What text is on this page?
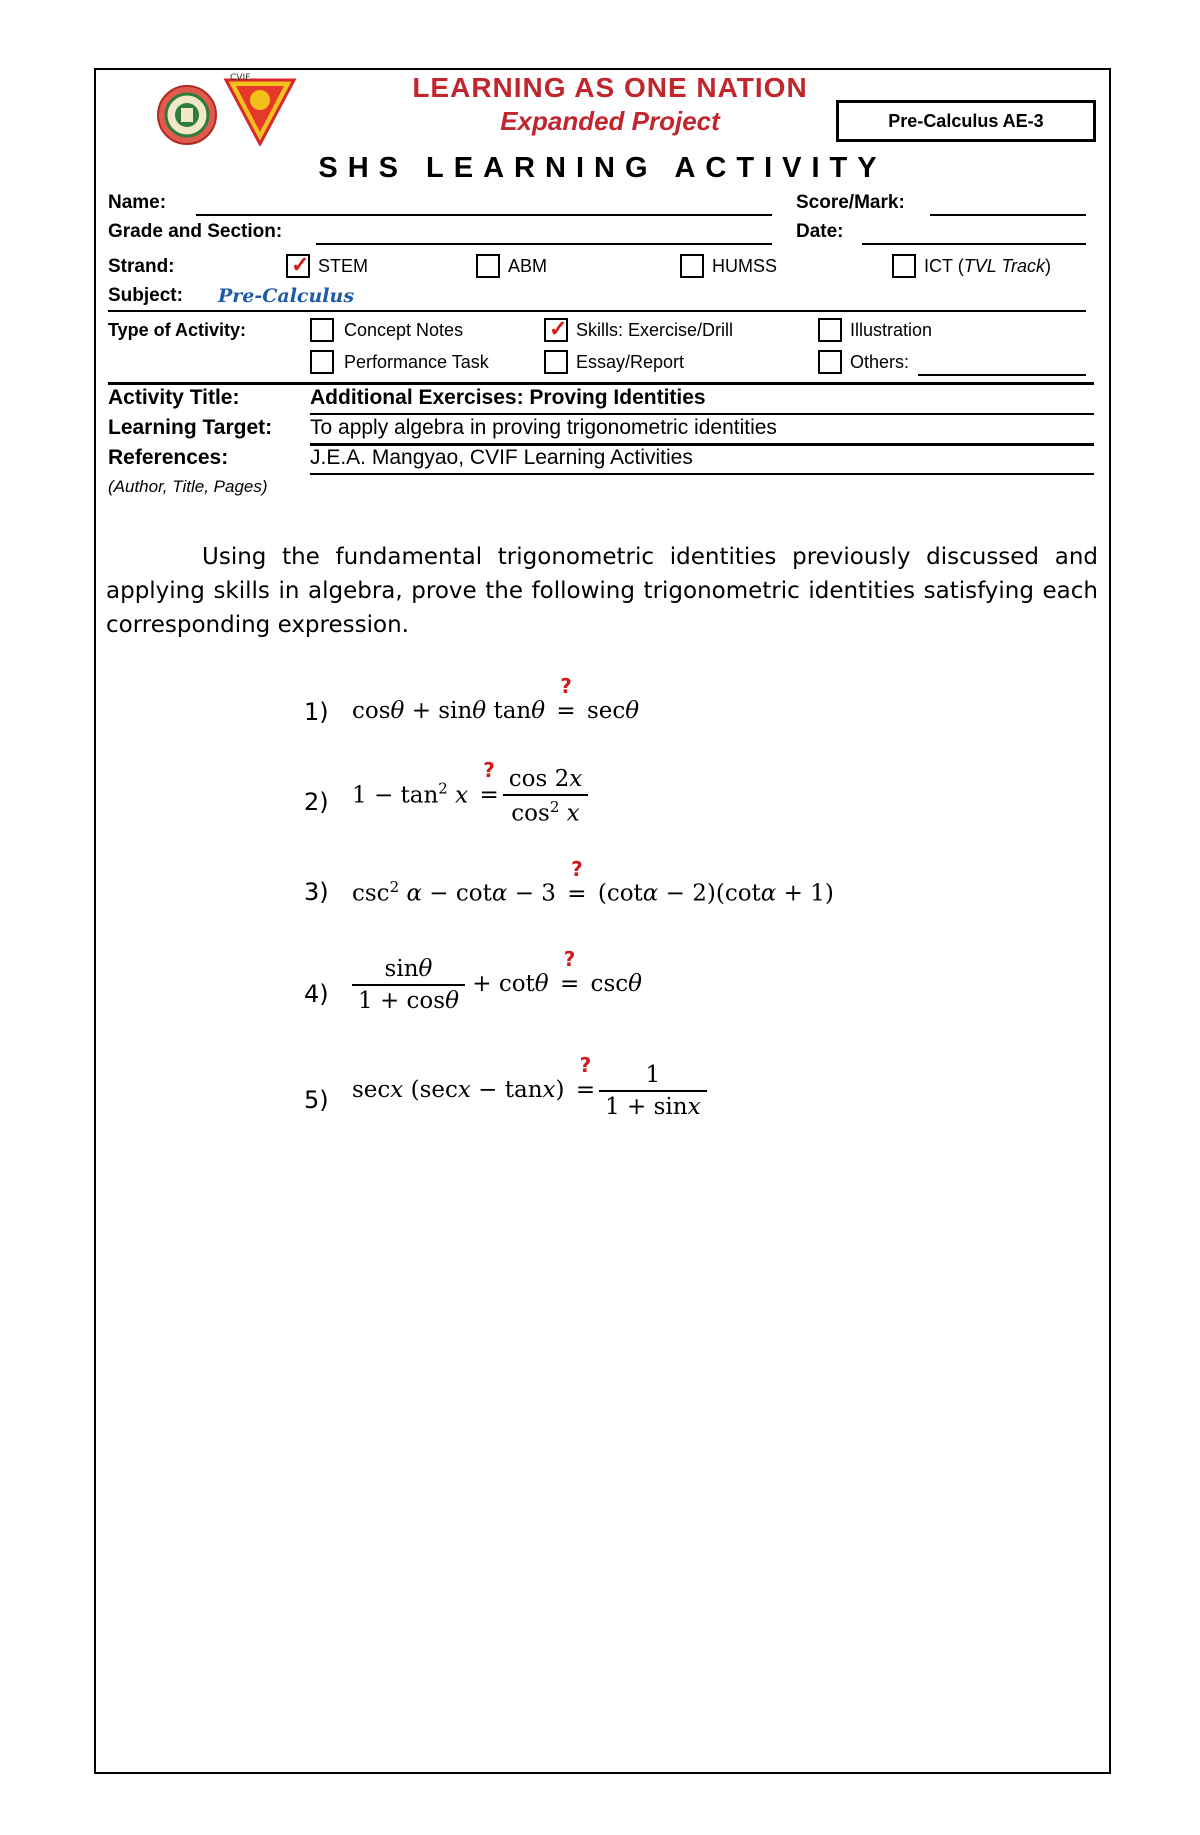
CVIF	LEARNING AS ONE NATION
Expanded Project	Pre-Calculus AE-3
SHS LEARNING ACTIVITY
Name:	Score/Mark:
Grade and Section:	Date:
Strand:	✓ STEM	ABM	HUMSS	ICT (TVL Track)
Subject: Pre-Calculus
Type of Activity:	Concept Notes	✓ Skills: Exercise/Drill	Illustration
Performance Task	Essay/Report	Others:
Activity Title:	Additional Exercises: Proving Identities
Learning Target: To apply algebra in proving trigonometric identities
References:	J.E.A. Mangyao, CVIF Learning Activities
(Author, Title, Pages)
Using the fundamental trigonometric identities previously discussed and applying skills in algebra, prove the following trigonometric identities satisfying each corresponding expression.
1) cosθ + sinθ tanθ
?
= secθ
2) $1 - \tan^2 x$
?
= $\frac{\cos 2x}{\cos^2 x}$
3) $\csc^2 \alpha - \cot\alpha - 3$
?
= (cotα − 2)(cotα + 1)
$4) \frac{\sin\theta}{1 + \cos\theta} + \cot\theta$
?
= cscθ
5) secx (secx − tanx)
?
= $\frac{1}{1 + \sin x}$
